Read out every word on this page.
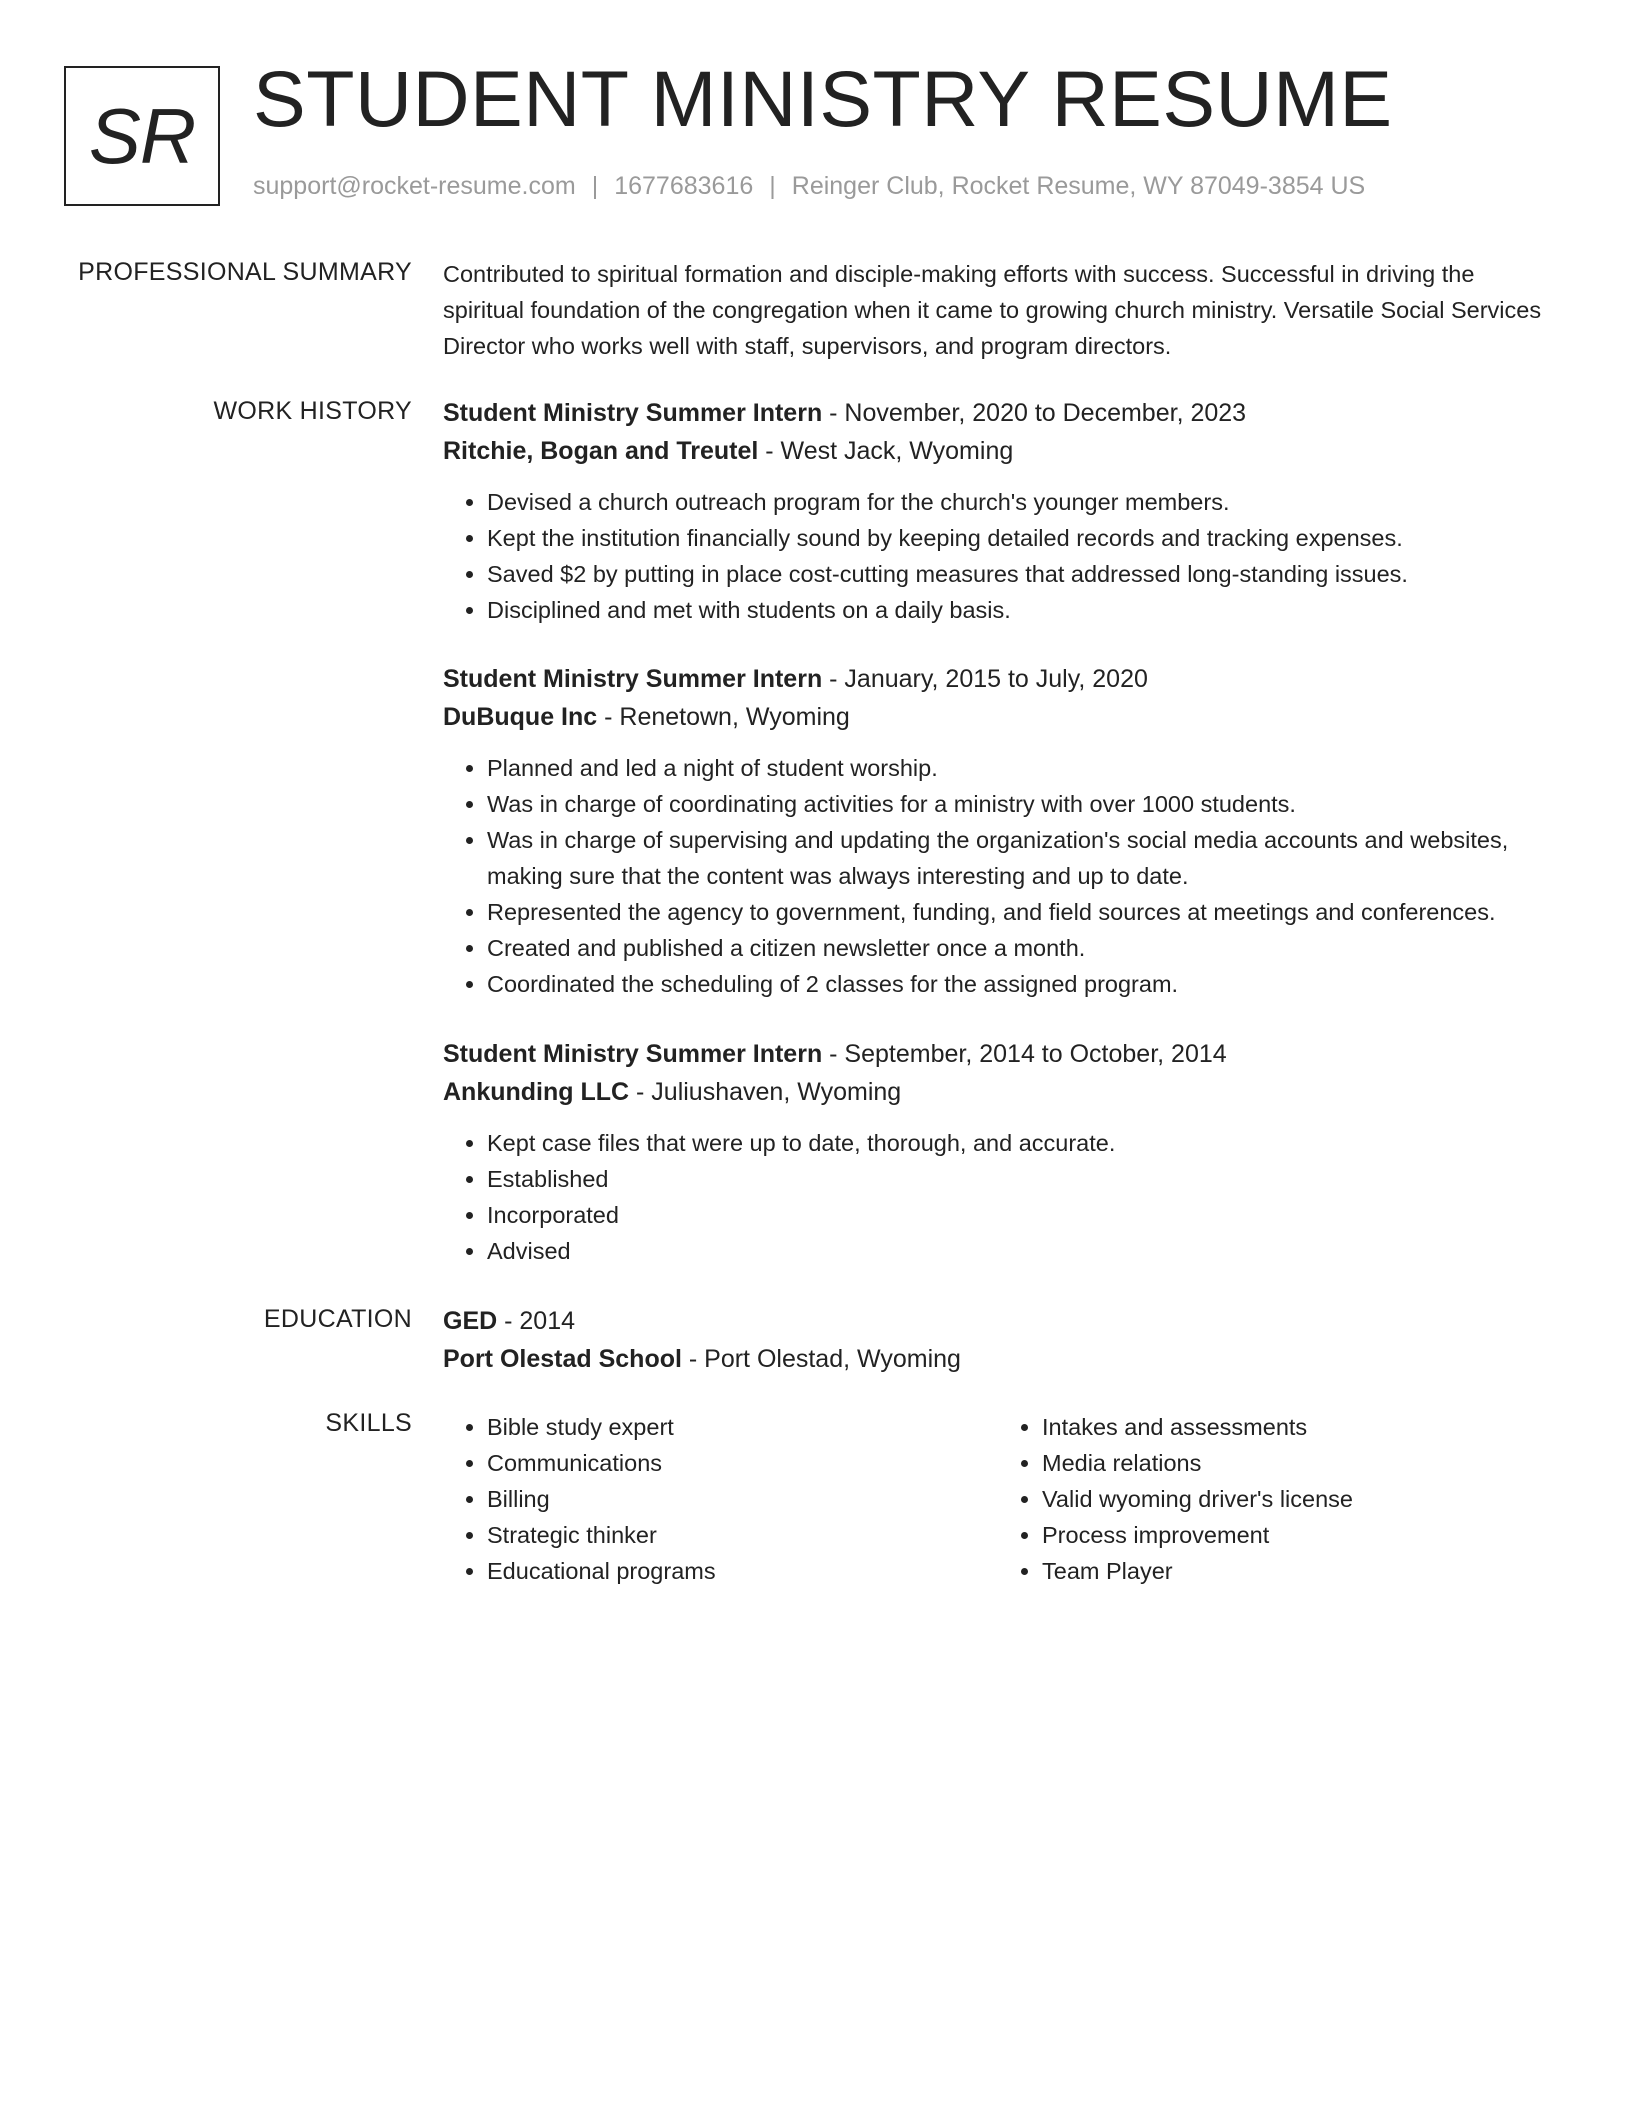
SR STUDENT MINISTRY RESUME
support@rocket-resume.com | 1677683616 | Reinger Club, Rocket Resume, WY 87049-3854 US
PROFESSIONAL SUMMARY Contributed to spiritual formation and disciple-making efforts with success. Successful in driving the spiritual foundation of the congregation when it came to growing church ministry. Versatile Social Services Director who works well with staff, supervisors, and program directors.
WORK HISTORY Student Ministry Summer Intern - November, 2020 to December, 2023
Ritchie, Bogan and Treutel - West Jack, Wyoming
• Devised a church outreach program for the church's younger members.
• Kept the institution financially sound by keeping detailed records and tracking expenses.
• Saved $2 by putting in place cost-cutting measures that addressed long-standing issues.
• Disciplined and met with students on a daily basis.
Student Ministry Summer Intern - January, 2015 to July, 2020
DuBuque Inc - Renetown, Wyoming
• Planned and led a night of student worship.
• Was in charge of coordinating activities for a ministry with over 1000 students.
• Was in charge of supervising and updating the organization's social media accounts and websites, making sure that the content was always interesting and up to date.
• Represented the agency to government, funding, and field sources at meetings and conferences.
• Created and published a citizen newsletter once a month.
• Coordinated the scheduling of 2 classes for the assigned program.
Student Ministry Summer Intern - September, 2014 to October, 2014
Ankunding LLC - Juliushaven, Wyoming
• Kept case files that were up to date, thorough, and accurate.
• Established
• Incorporated
• Advised
EDUCATION GED - 2014
Port Olestad School - Port Olestad, Wyoming
SKILLS
•	Bible study expert
• Communications
• Billing
• Strategic thinker
• Educational programs
• Intakes and assessments
• Media relations
• Valid wyoming driver's license
• Process improvement
• Team Player
